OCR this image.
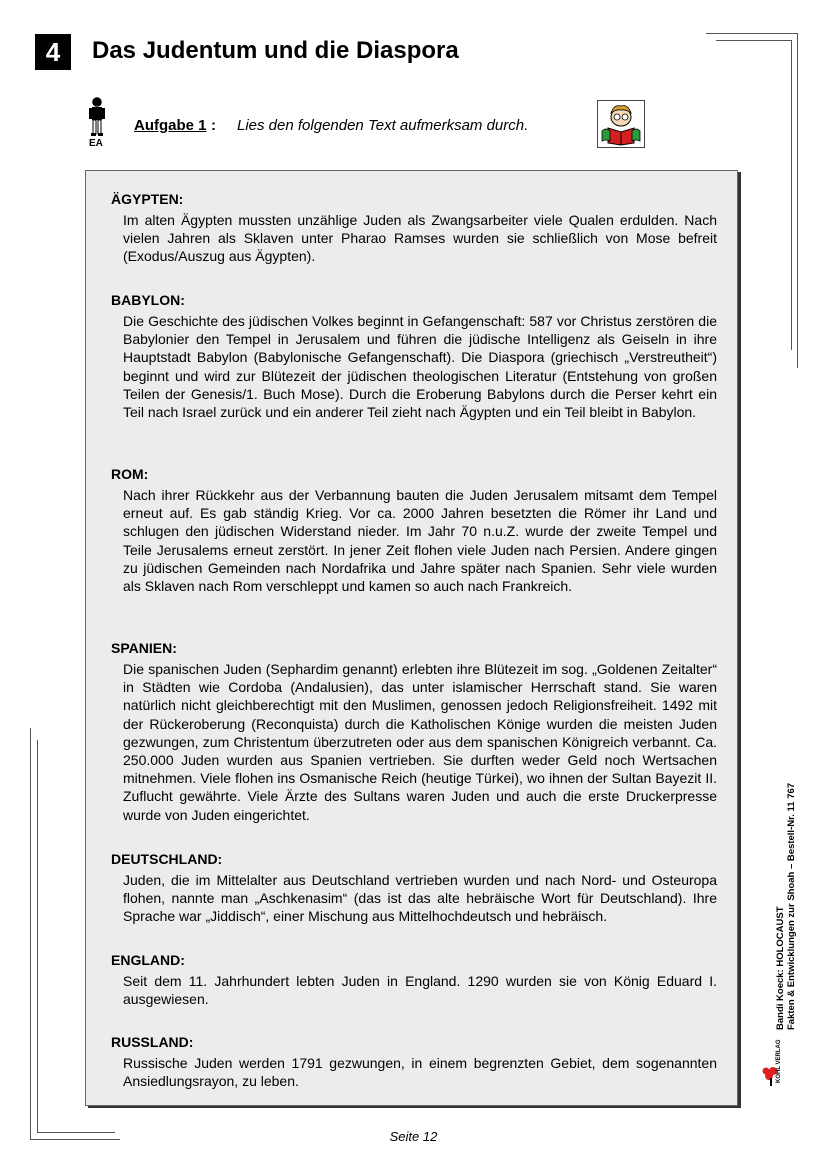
4	Das Judentum und die Diaspora
EA
Aufgabe 1 : Lies den folgenden Text aufmerksam durch.
ÄGYPTEN:
Im alten Ägypten mussten unzählige Juden als Zwangsarbeiter viele Qualen erdulden. Nach vielen Jahren als Sklaven unter Pharao Ramses wurden sie schließlich von Mose befreit (Exodus/Auszug aus Ägypten).
BABYLON:
Die Geschichte des jüdischen Volkes beginnt in Gefangenschaft: 587 vor Christus zerstören die Babylonier den Tempel in Jerusalem und führen die jüdische Intelligenz als Geiseln in ihre Hauptstadt Babylon (Babylonische Gefangenschaft). Die Diaspora (griechisch „Verstreutheit“) beginnt und wird zur Blütezeit der jüdischen theologischen Literatur (Entstehung von großen Teilen der Genesis/1. Buch Mose). Durch die Eroberung Babylons durch die Perser kehrt ein Teil nach Israel zurück und ein anderer Teil zieht nach Ägypten und ein Teil bleibt in Babylon.
ROM:
Nach ihrer Rückkehr aus der Verbannung bauten die Juden Jerusalem mitsamt dem Tempel erneut auf. Es gab ständig Krieg. Vor ca. 2000 Jahren besetzten die Römer ihr Land und schlugen den jüdischen Widerstand nieder. Im Jahr 70 n.u.Z. wurde der zweite Tempel und Teile Jerusalems erneut zerstört. In jener Zeit flohen viele Juden nach Persien. Andere gingen zu jüdischen Gemeinden nach Nordafrika und Jahre später nach Spanien. Sehr viele wurden als Sklaven nach Rom verschleppt und kamen so auch nach Frankreich.
SPANIEN:
Die spanischen Juden (Sephardim genannt) erlebten ihre Blütezeit im sog. „Goldenen Zeitalter“ in Städten wie Cordoba (Andalusien), das unter islamischer Herrschaft stand. Sie waren natürlich nicht gleichberechtigt mit den Muslimen, genossen jedoch Religionsfreiheit. 1492 mit der Rückeroberung (Reconquista) durch die Katholischen Könige wurden die meisten Juden gezwungen, zum Christentum überzutreten oder aus dem spanischen Königreich verbannt. Ca. 250.000 Juden wurden aus Spanien vertrieben. Sie durften weder Geld noch Wertsachen mitnehmen. Viele flohen ins Osmanische Reich (heutige Türkei), wo ihnen der Sultan Bayezit II. Zuflucht gewährte. Viele Ärzte des Sultans waren Juden und auch die erste Druckerpresse wurde von Juden eingerichtet.
DEUTSCHLAND:
Juden, die im Mittelalter aus Deutschland vertrieben wurden und nach Nord- und Osteuropa flohen, nannte man „Aschkenasim“ (das ist das alte hebräische Wort für Deutschland). Ihre Sprache war „Jiddisch“, einer Mischung aus Mittelhochdeutsch und hebräisch.
ENGLAND:
Seit dem 11. Jahrhundert lebten Juden in England. 1290 wurden sie von König Eduard I. ausgewiesen.
RUSSLAND:
Russische Juden werden 1791 gezwungen, in einem begrenzten Gebiet, dem sogenannten Ansiedlungsrayon, zu leben.
Bandi Koeck: HOLOCAUST Fakten & Entwicklungen zur Shoah – Bestell-Nr. 11 767
KOHL VERLAG
Seite 12
